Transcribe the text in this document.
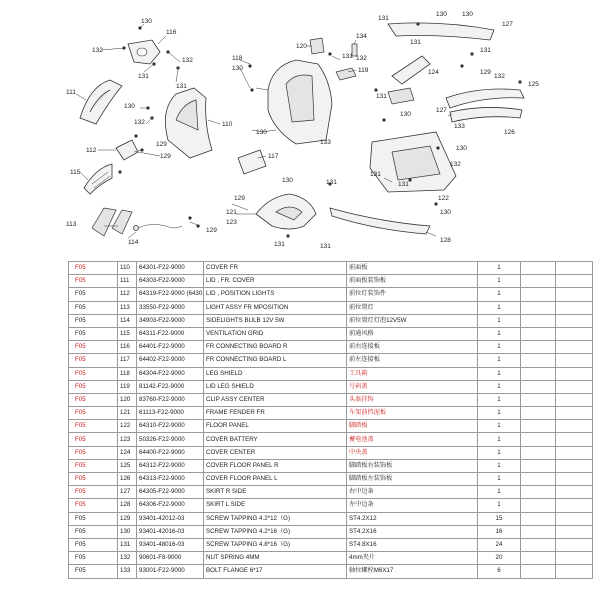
130
116
132
131
132
131
120
134
131 132
118
130	119
117
111
130
110
132
130
133
129
112
129
115
131
130 130
127
124
131
131
129
125
132
131
130
127
133
126
131
132
130
122
131
131
130
121
123
129
129
131	131
113
114
130
128
F05	110	64301-F22-9000	COVER FR	前面板	1		
F05	111	64303-F22-9000	LID , FR. COVER	前面板装饰板	1		
F05	112	64319-F22-9000 (6430	LID , POSITION LIGHTS	前位灯装饰件	1		
F05	113	33550-F22-9000	LIGHT ASSY FR MPOSITION	前位置灯	1		
F05	114	34903-F22-9000	SIDELIGHTS BULB 12V 5W	前位置灯灯泡12V5W	1		
F05	115	64311-F22-9000	VENTILATION GRID	前通风格	1		
F05	116	64401-F22-9000	FR CONNECTING BOARD R	前右连接板	1		
F05	117	64402-F22-9000	FR CONNECTING BOARD L	前左连接板	1		
F05	118	64304-F22-9000	LEG SHIELD	工具箱	1		
F05	119	81142-F22-9000	LID LEG SHIELD	号码盖	1		
F05	120	83760-F22-9000	CLIP ASSY CENTER	头盔挂钩	1		
F05	121	61113-F22-9000	FRAME FENDER FR	车架前挡泥板	1		
F05	122	64310-F22-9000	FLOOR PANEL	脚踏板	1		
F05	123	50326-F22-9000	COVER BATTERY	蓄电池盖	1		
F05	124	64400-F22-9000	COVER CENTER	中央盖	1		
F05	125	64312-F22-9000	COVER FLOOR PANEL R	脚踏板右装饰板	1		
F05	126	64313-F22-9000	COVER FLOOR PANEL L	脚踏板左装饰板	1		
F05	127	64305-F22-9000	SKIRT R SIDE	右中边条	1		
F05	128	64306-F22-9000	SKIRT L SIDE	左中边条	1		
F05	129	93401-42012-03	SCREW TAPPING 4.2*12（G)	ST4.2X12	15		
F05	130	93401-42016-03	SCREW TAPPING 4.2*16（G)	ST4.2X16	16		
F05	131	93401-48016-03	SCREW TAPPING 4.8*16（G)	ST4.8X16	24		
F05	132	90601-F8-9000	NUT SPRING 4MM	4mm夹片	20		
F05	133	93001-F22-9000	BOLT FLANGE 6*17	轴位螺栓M6X17	6		
